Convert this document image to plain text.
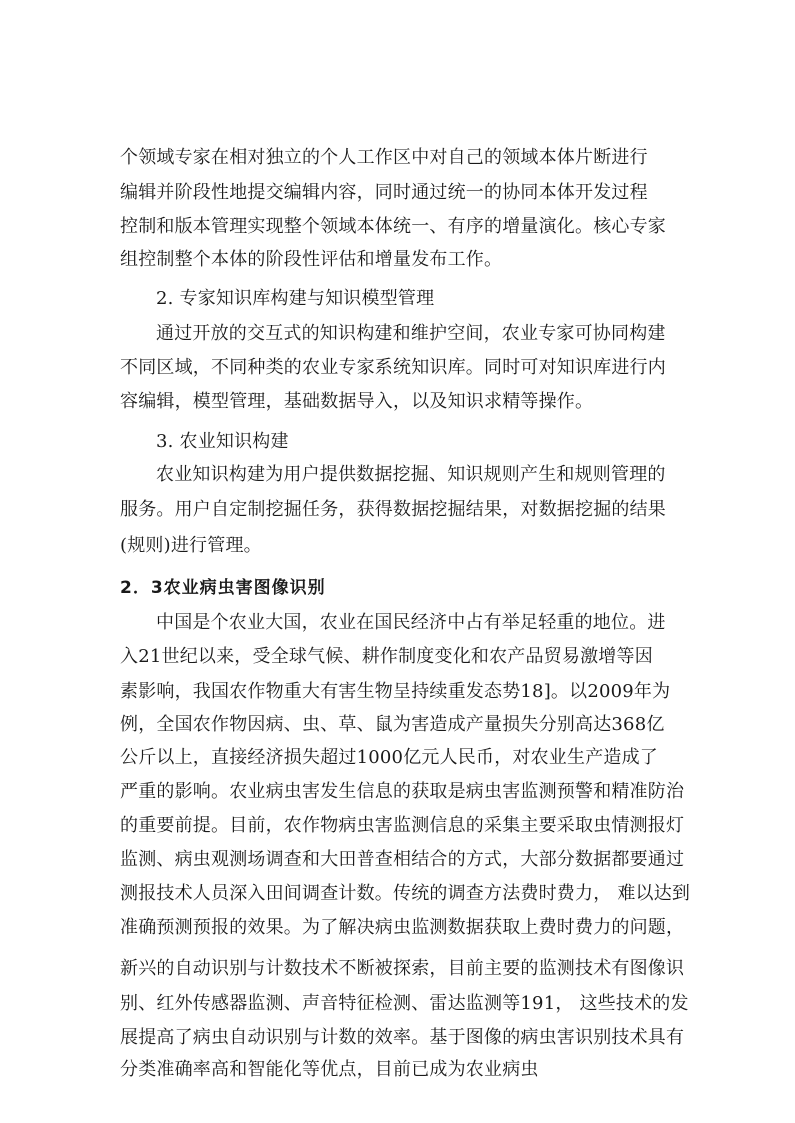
个领域专家在相对独立的个人工作区中对自己的领域本体片断进行
编辑并阶段性地提交编辑内容，同时通过统一的协同本体开发过程
控制和版本管理实现整个领域本体统一、有序的增量演化。核心专家
组控制整个本体的阶段性评估和增量发布工作。
2. 专家知识库构建与知识模型管理
通过开放的交互式的知识构建和维护空间，农业专家可协同构建
不同区域，不同种类的农业专家系统知识库。同时可对知识库进行内
容编辑，模型管理，基础数据导入，以及知识求精等操作。
3. 农业知识构建
农业知识构建为用户提供数据挖掘、知识规则产生和规则管理的
服务。用户自定制挖掘任务，获得数据挖掘结果，对数据挖掘的结果
(规则)进行管理。
2．3农业病虫害图像识别
中国是个农业大国，农业在国民经济中占有举足轻重的地位。进
入21世纪以来，受全球气候、耕作制度变化和农产品贸易激增等因
素影响，我国农作物重大有害生物呈持续重发态势18]。以2009年为
例，全国农作物因病、虫、草、鼠为害造成产量损失分别高达368亿
公斤以上，直接经济损失超过1000亿元人民币，对农业生产造成了
严重的影响。农业病虫害发生信息的获取是病虫害监测预警和精准防治
的重要前提。目前，农作物病虫害监测信息的采集主要采取虫情测报灯
监测、病虫观测场调查和大田普查相结合的方式，大部分数据都要通过
测报技术人员深入田间调查计数。传统的调查方法费时费力， 难以达到
准确预测预报的效果。为了解决病虫监测数据获取上费时费力的问题，
新兴的自动识别与计数技术不断被探索，目前主要的监测技术有图像识
别、红外传感器监测、声音特征检测、雷达监测等191， 这些技术的发
展提高了病虫自动识别与计数的效率。基于图像的病虫害识别技术具有
分类准确率高和智能化等优点，目前已成为农业病虫
